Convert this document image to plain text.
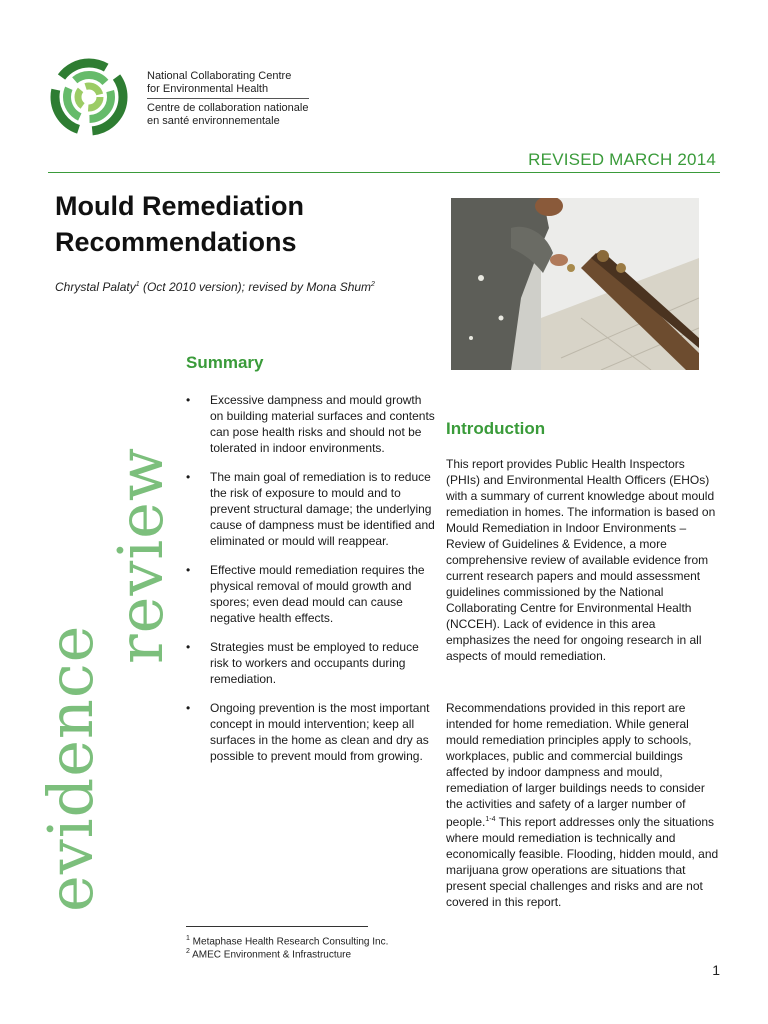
National Collaborating Centre
for Environmental Health
Centre de collaboration nationale
en santé environnementale
REVISED MARCH 2014
Mould Remediation
Recommendations
Chrystal Palaty$^1$ (Oct 2010 version); revised by Mona Shum$^2$
evidence
review
Summary
• Excessive dampness and mould growth on building material surfaces and contents can pose health risks and should not be tolerated in indoor environments.
• The main goal of remediation is to reduce the risk of exposure to mould and to prevent structural damage; the underlying cause of dampness must be identified and eliminated or mould will reappear.
• Effective mould remediation requires the physical removal of mould growth and spores; even dead mould can cause negative health effects.
• Strategies must be employed to reduce risk to workers and occupants during remediation.
• Ongoing prevention is the most important concept in mould intervention; keep all surfaces in the home as clean and dry as possible to prevent mould from growing.
Introduction

This report provides Public Health Inspectors (PHIs) and Environmental Health Officers (EHOs) with a summary of current knowledge about mould remediation in homes. The information is based on Mould Remediation in Indoor Environments – Review of Guidelines & Evidence, a more comprehensive review of available evidence from current research papers and mould assessment guidelines commissioned by the National Collaborating Centre for Environmental Health (NCCEH). Lack of evidence in this area emphasizes the need for ongoing research in all aspects of mould remediation.

Recommendations provided in this report are intended for home remediation. While general mould remediation principles apply to schools, workplaces, public and commercial buildings affected by indoor dampness and mould, remediation of larger buildings needs to consider the activities and safety of a larger number of people.$^{1-4}$ This report addresses only the situations where mould remediation is technically and economically feasible. Flooding, hidden mould, and marijuana grow operations are situations that present special challenges and risks and are not covered in this report.

$^1$ Metaphase Health Research Consulting Inc.
$^2$ AMEC Environment & Infrastructure
1
